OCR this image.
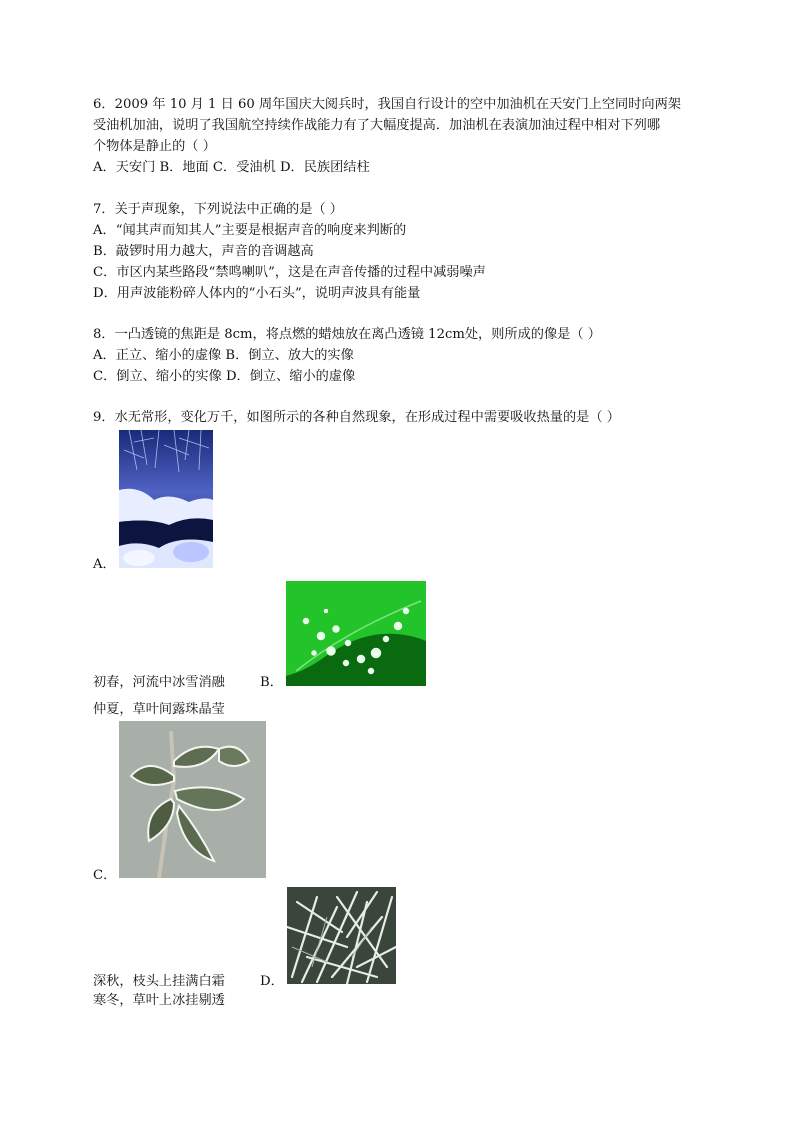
6．2009 年 10 月 1 日 60 周年国庆大阅兵时，我国自行设计的空中加油机在天安门上空同时向两架
受油机加油，说明了我国航空持续作战能力有了大幅度提高．加油机在表演加油过程中相对下列哪
个物体是静止的（ ）
A．天安门 B．地面 C．受油机 D．民族团结柱
7．关于声现象，下列说法中正确的是（ ）
A．“闻其声而知其人”主要是根据声音的响度来判断的
B．敲锣时用力越大，声音的音调越高
C．市区内某些路段“禁鸣喇叭”，这是在声音传播的过程中减弱噪声
D．用声波能粉碎人体内的“小石头”，说明声波具有能量
8．一凸透镜的焦距是 8cm，将点燃的蜡烛放在离凸透镜 12cm处，则所成的像是（ ）
A．正立、缩小的虚像 B．倒立、放大的实像
C．倒立、缩小的实像 D．倒立、缩小的虚像
9．水无常形，变化万千，如图所示的各种自然现象，在形成过程中需要吸收热量的是（ ）
A．
初春，河流中冰雪消融	B．
仲夏，草叶间露珠晶莹
C．
深秋，枝头上挂满白霜	D．
寒冬，草叶上冰挂剔透
